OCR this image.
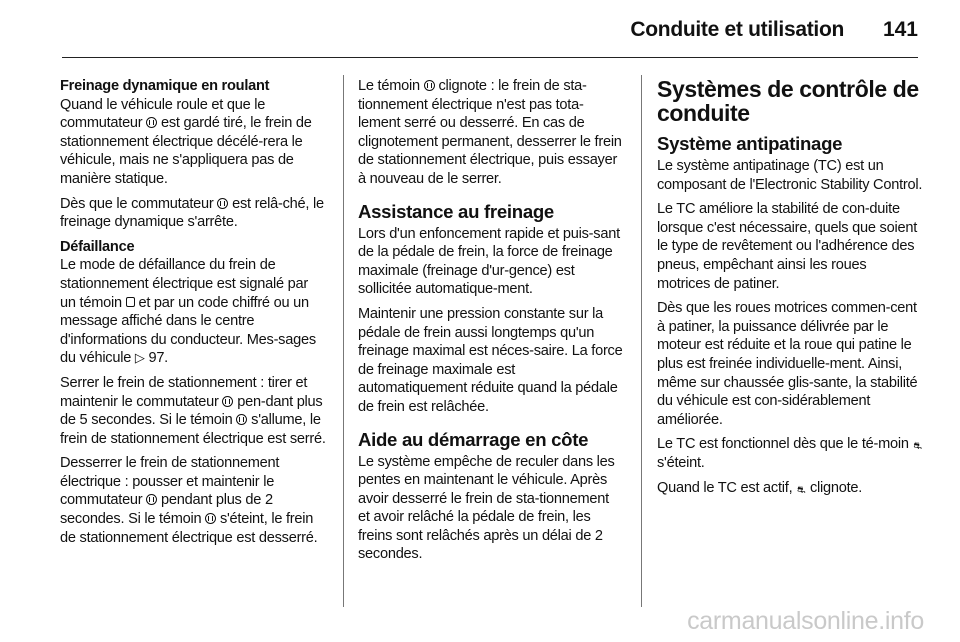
Conduite et utilisation 141

Freinage dynamique en roulant
Quand le véhicule roule et que le commutateur  est gardé tiré, le frein de stationnement électrique décélé-rera le véhicule, mais ne s'appliquera pas de manière statique.

Dès que le commutateur  est relâ-ché, le freinage dynamique s'arrête.

Défaillance
Le mode de défaillance du frein de stationnement électrique est signalé par un témoin  et par un code chiffré ou un message affiché dans le centre d'informations du conducteur. Mes-sages du véhicule ▷ 97.

Serrer le frein de stationnement : tirer et maintenir le commutateur  pen-dant plus de 5 secondes. Si le témoin  s'allume, le frein de stationnement électrique est serré.

Desserrer le frein de stationnement électrique : pousser et maintenir le commutateur  pendant plus de 2 secondes. Si le témoin  s'éteint, le frein de stationnement électrique est desserré.

Le témoin  clignote : le frein de sta-tionnement électrique n'est pas tota-lement serré ou desserré. En cas de clignotement permanent, desserrer le frein de stationnement électrique, puis essayer à nouveau de le serrer.

Assistance au freinage

Lors d'un enfoncement rapide et puis-sant de la pédale de frein, la force de freinage maximale (freinage d'ur-gence) est sollicitée automatique-ment.

Maintenir une pression constante sur la pédale de frein aussi longtemps qu'un freinage maximal est néces-saire. La force de freinage maximale est automatiquement réduite quand la pédale de frein est relâchée.

Aide au démarrage en côte

Le système empêche de reculer dans les pentes en maintenant le véhicule. Après avoir desserré le frein de sta-tionnement et avoir relâché la pédale de frein, les freins sont relâchés après un délai de 2 secondes.

Systèmes de contrôle de conduite
Système antipatinage

Le système antipatinage (TC) est un composant de l'Electronic Stability Control.

Le TC améliore la stabilité de con-duite lorsque c'est nécessaire, quels que soient le type de revêtement ou l'adhérence des pneus, empêchant ainsi les roues motrices de patiner.

Dès que les roues motrices commen-cent à patiner, la puissance délivrée par le moteur est réduite et la roue qui patine le plus est freinée individuelle-ment. Ainsi, même sur chaussée glis-sante, la stabilité du véhicule est con-sidérablement améliorée.

Le TC est fonctionnel dès que le té-moin ⛐ s'éteint.

Quand le TC est actif, ⛐ clignote.

carmanualsonline.info
